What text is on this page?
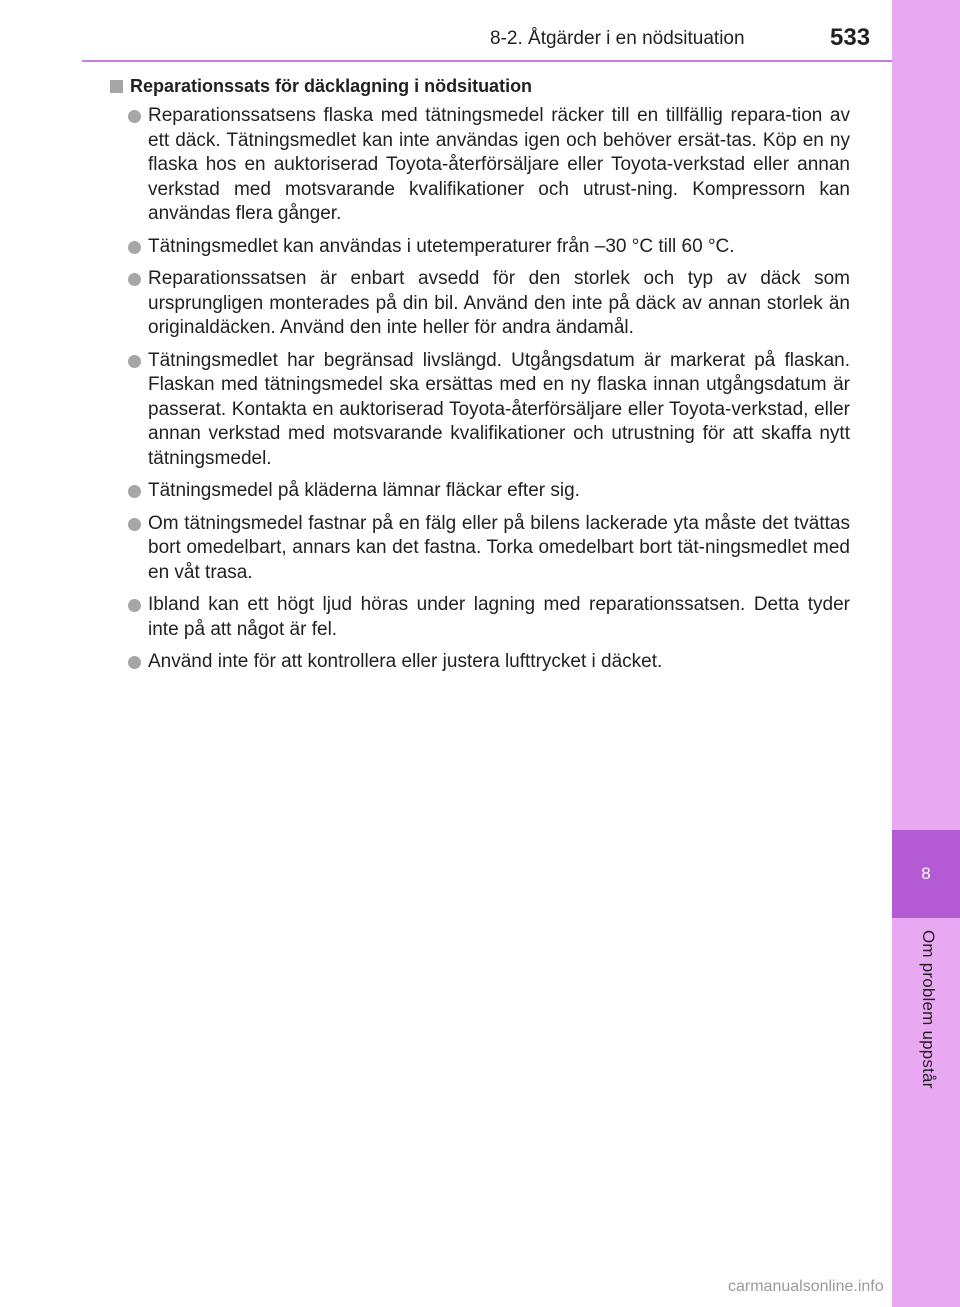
8-2. Åtgärder i en nödsituation	533
8
Om problem uppstår
Reparationssats för däcklagning i nödsituation
Reparationssatsens flaska med tätningsmedel räcker till en tillfällig repara-tion av ett däck. Tätningsmedlet kan inte användas igen och behöver ersät-tas. Köp en ny flaska hos en auktoriserad Toyota-återförsäljare eller Toyota-verkstad eller annan verkstad med motsvarande kvalifikationer och utrust-ning. Kompressorn kan användas flera gånger.
Tätningsmedlet kan användas i utetemperaturer från –30 °C till 60 °C.
Reparationssatsen är enbart avsedd för den storlek och typ av däck som ursprungligen monterades på din bil. Använd den inte på däck av annan storlek än originaldäcken. Använd den inte heller för andra ändamål.
Tätningsmedlet har begränsad livslängd. Utgångsdatum är markerat på flaskan. Flaskan med tätningsmedel ska ersättas med en ny flaska innan utgångsdatum är passerat. Kontakta en auktoriserad Toyota-återförsäljare eller Toyota-verkstad, eller annan verkstad med motsvarande kvalifikationer och utrustning för att skaffa nytt tätningsmedel.
Tätningsmedel på kläderna lämnar fläckar efter sig.
Om tätningsmedel fastnar på en fälg eller på bilens lackerade yta måste det tvättas bort omedelbart, annars kan det fastna. Torka omedelbart bort tät-ningsmedlet med en våt trasa.
Ibland kan ett högt ljud höras under lagning med reparationssatsen. Detta tyder inte på att något är fel.
Använd inte för att kontrollera eller justera lufttrycket i däcket.
carmanualsonline.info
